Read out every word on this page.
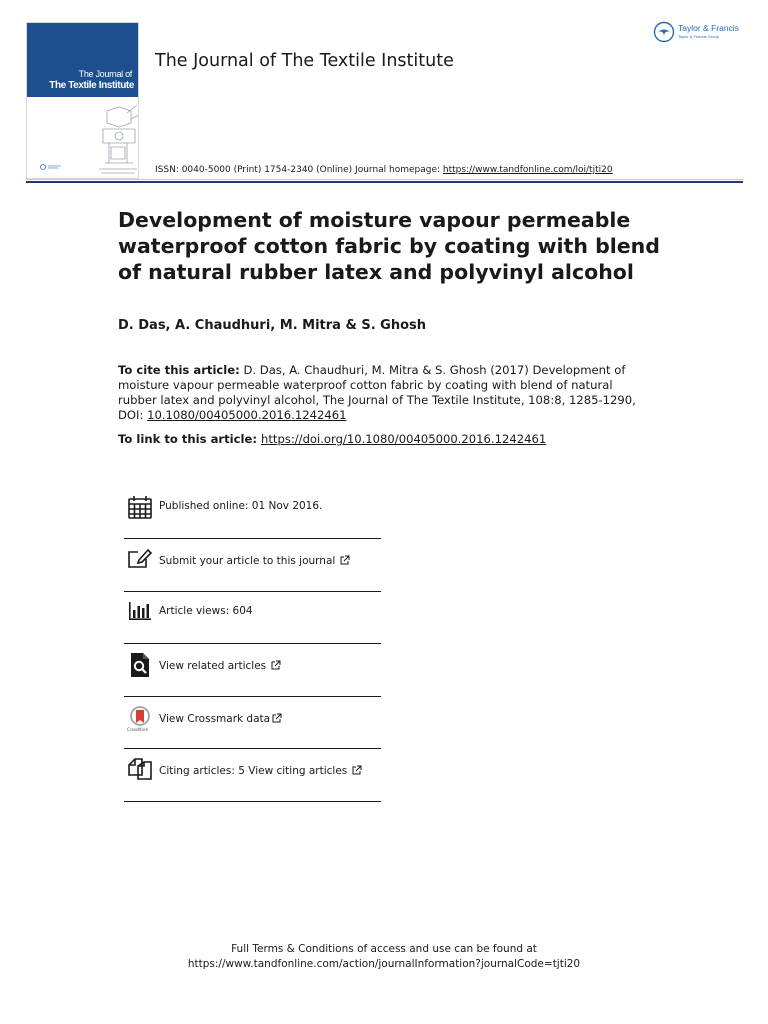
The Journal of
The Textile Institute
The Journal of The Textile Institute
Taylor & Francis
Taylor & Francis Group
ISSN: 0040-5000 (Print) 1754-2340 (Online) Journal homepage: https://www.tandfonline.com/loi/tjti20
Development of moisture vapour permeable waterproof cotton fabric by coating with blend of natural rubber latex and polyvinyl alcohol
D. Das, A. Chaudhuri, M. Mitra & S. Ghosh
To cite this article: D. Das, A. Chaudhuri, M. Mitra & S. Ghosh (2017) Development of moisture vapour permeable waterproof cotton fabric by coating with blend of natural rubber latex and polyvinyl alcohol, The Journal of The Textile Institute, 108:8, 1285-1290, DOI: 10.1080/00405000.2016.1242461
To link to this article: https://doi.org/10.1080/00405000.2016.1242461
Published online: 01 Nov 2016.
Submit your article to this journal
Article views: 604
View related articles
CrossMark
View Crossmark data
Citing articles: 5 View citing articles
Full Terms & Conditions of access and use can be found at
https://www.tandfonline.com/action/journalInformation?journalCode=tjti20
